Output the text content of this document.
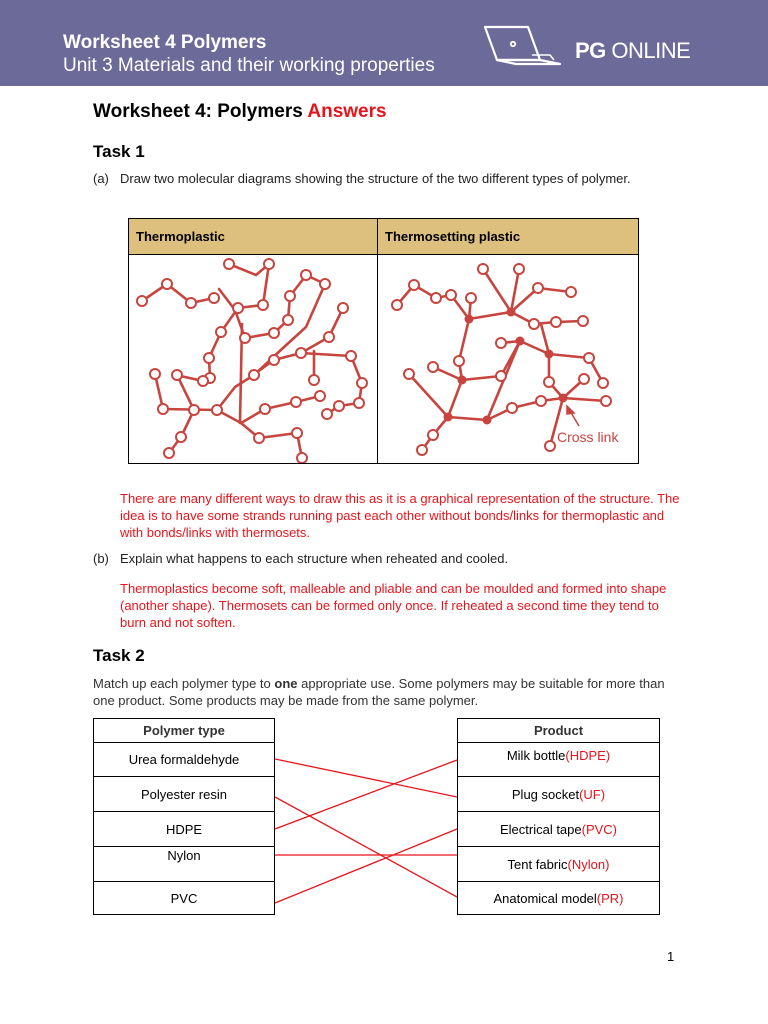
Worksheet 4 Polymers
Unit 3 Materials and their working properties
PG ONLINE
Worksheet 4: Polymers Answers
Task 1
(a) Draw two molecular diagrams showing the structure of the two different types of polymer.
Thermoplastic	Thermosetting plastic
Cross link
There are many different ways to draw this as it is a graphical representation of the structure. The idea is to have some strands running past each other without bonds/links for thermoplastic and with bonds/links with thermosets.
(b) Explain what happens to each structure when reheated and cooled.
Thermoplastics become soft, malleable and pliable and can be moulded and formed into shape (another shape). Thermosets can be formed only once. If reheated a second time they tend to burn and not soften.
Task 2
Match up each polymer type to one appropriate use. Some polymers may be suitable for more than one product. Some products may be made from the same polymer.
Polymer type
Urea formaldehyde
Polyester resin
HDPE
Nylon
PVC
Product
Milk bottle (HDPE)
Plug socket (UF)
Electrical tape (PVC)
Tent fabric (Nylon)
Anatomical model (PR)
1
